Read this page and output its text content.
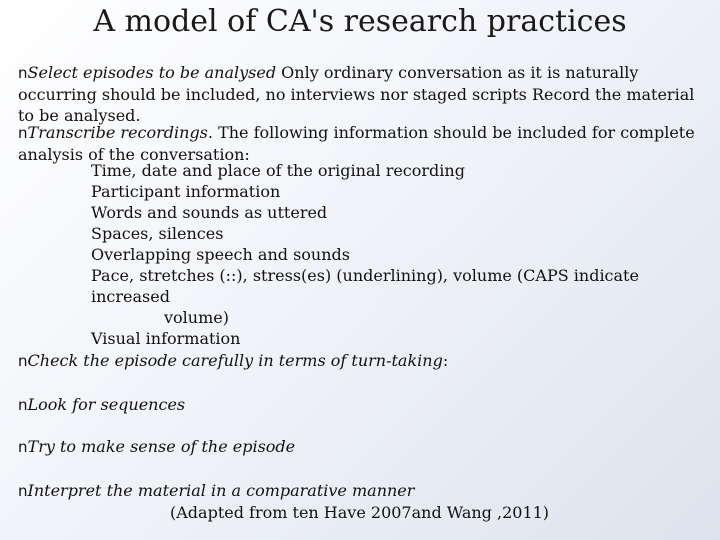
A model of CA's research practices
nSelect episodes to be analysed Only ordinary conversation as it is naturally occurring should be included, no interviews nor staged scripts Record the material to be analysed.
nTranscribe recordings. The following information should be included for complete analysis of the conversation:
Time, date and place of the original recording
Participant information
Words and sounds as uttered
Spaces, silences
Overlapping speech and sounds
Pace, stretches (::), stress(es) (underlining), volume (CAPS indicate increased
volume)
Visual information
nCheck the episode carefully in terms of turn-taking:
nLook for sequences
nTry to make sense of the episode
nInterpret the material in a comparative manner
(Adapted from ten Have 2007and Wang ,2011)
